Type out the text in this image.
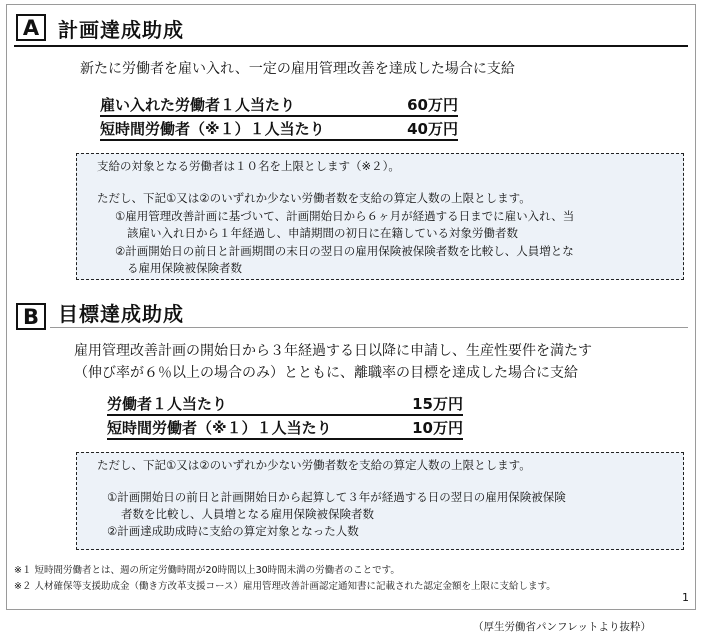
A 計画達成助成
新たに労働者を雇い入れ、一定の雇用管理改善を達成した場合に支給
雇い入れた労働者１人当たり	60万円
短時間労働者（※１）１人当たり	40万円
支給の対象となる労働者は１０名を上限とします（※２）。
ただし、下記①又は②のいずれか少ない労働者数を支給の算定人数の上限とします。
①雇用管理改善計画に基づいて、計画開始日から６ヶ月が経過する日までに雇い入れ、当
該雇い入れ日から１年経過し、申請期間の初日に在籍している対象労働者数
②計画開始日の前日と計画期間の末日の翌日の雇用保険被保険者数を比較し、人員増とな
る雇用保険被保険者数
B 目標達成助成
雇用管理改善計画の開始日から３年経過する日以降に申請し、生産性要件を満たす
（伸び率が６％以上の場合のみ）とともに、離職率の目標を達成した場合に支給
労働者１人当たり	15万円
短時間労働者（※１）１人当たり	10万円
ただし、下記①又は②のいずれか少ない労働者数を支給の算定人数の上限とします。
①計画開始日の前日と計画開始日から起算して３年が経過する日の翌日の雇用保険被保険
者数を比較し、人員増となる雇用保険被保険者数
②計画達成助成時に支給の算定対象となった人数
※１ 短時間労働者とは、週の所定労働時間が20時間以上30時間未満の労働者のことです。
※２ 人材確保等支援助成金（働き方改革支援コース）雇用管理改善計画認定通知書に記載された認定金額を上限に支給します。
1
（厚生労働省パンフレットより抜粋）
